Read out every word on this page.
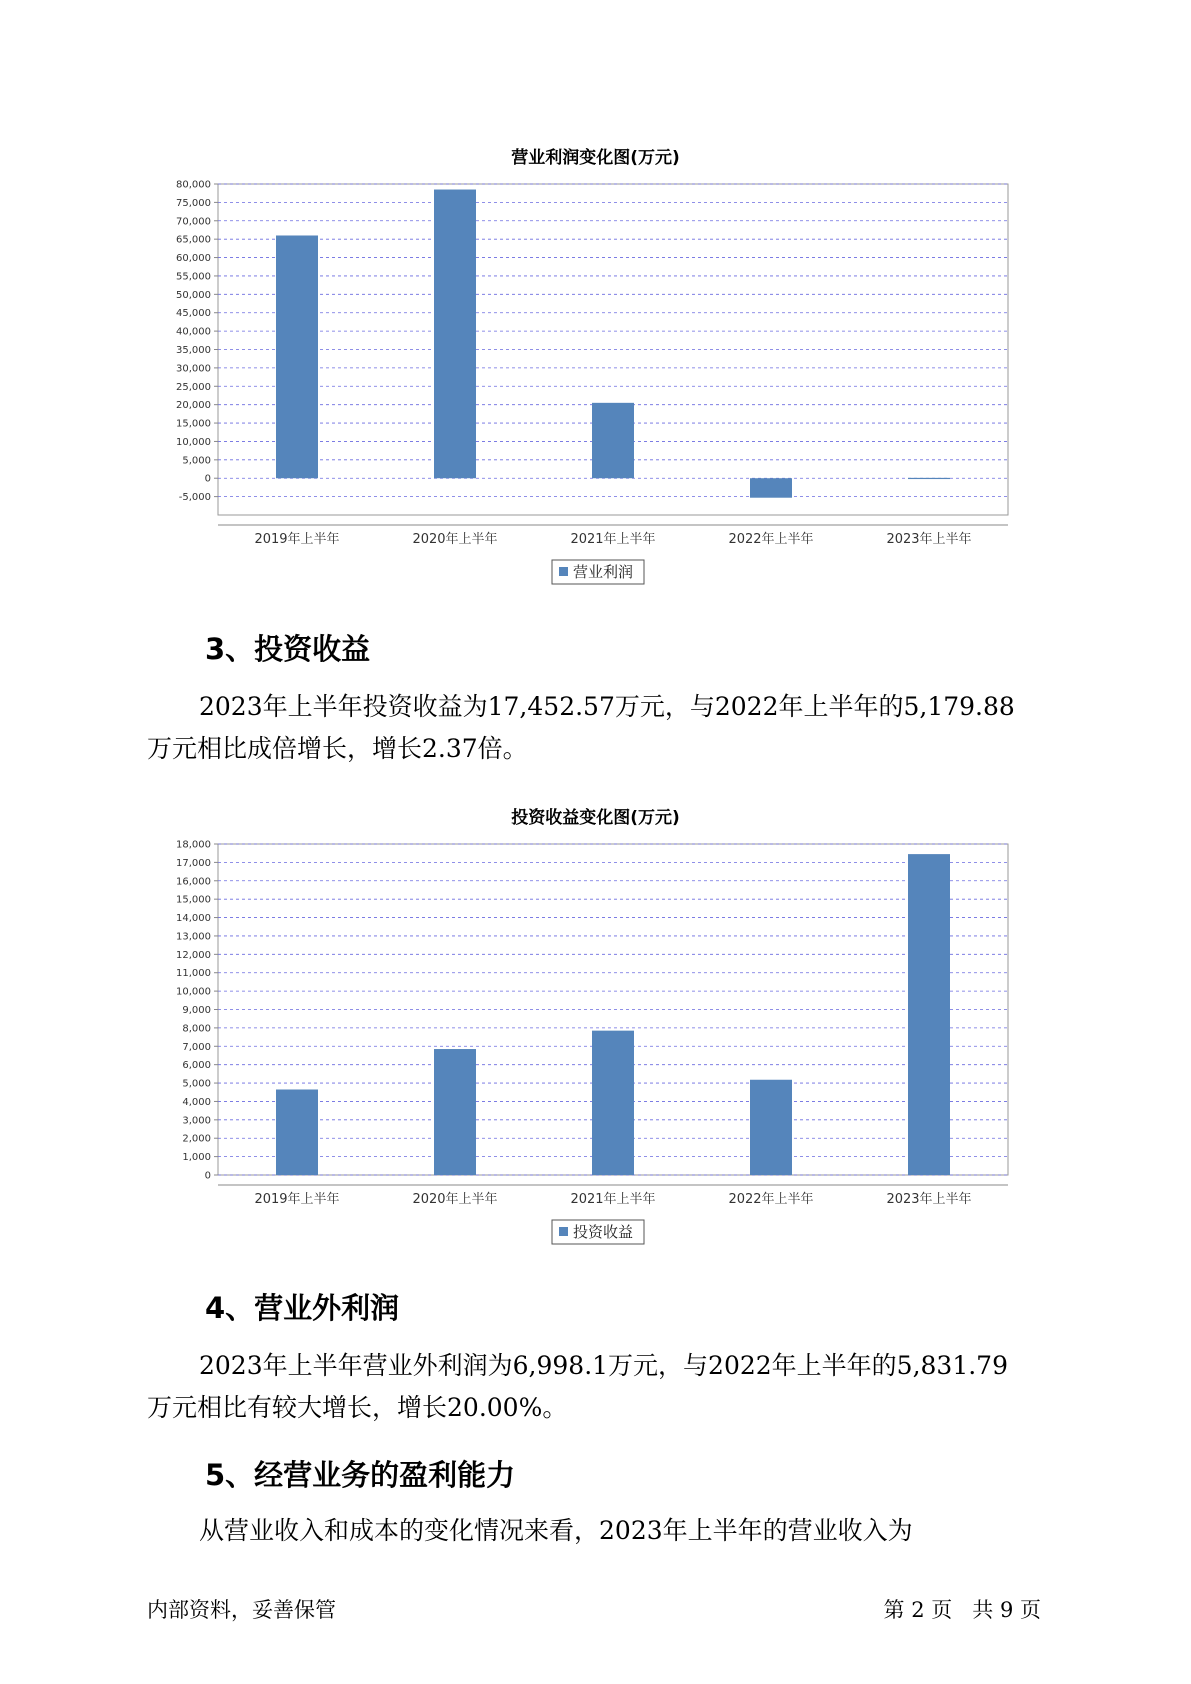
营业利润变化图(万元)
-5,000
0
5,000
10,000
15,000
20,000
25,000
30,000
35,000
40,000
45,000
50,000
55,000
60,000
65,000
70,000
75,000
80,000
2019年上半年	2020年上半年	2021年上半年	2022年上半年	2023年上半年
营业利润
3、投资收益
2023年上半年投资收益为17,452.57万元，与2022年上半年的5,179.88
万元相比成倍增长，增长2.37倍。
投资收益变化图(万元)
0
1,000
2,000
3,000
4,000
5,000
6,000
7,000
8,000
9,000
10,000
11,000
12,000
13,000
14,000
15,000
16,000
17,000
18,000
2019年上半年	2020年上半年	2021年上半年	2022年上半年	2023年上半年
投资收益
4、营业外利润
2023年上半年营业外利润为6,998.1万元，与2022年上半年的5,831.79
万元相比有较大增长，增长20.00%。
5、经营业务的盈利能力
从营业收入和成本的变化情况来看，2023年上半年的营业收入为
内部资料，妥善保管	第 2 页   共 9 页
